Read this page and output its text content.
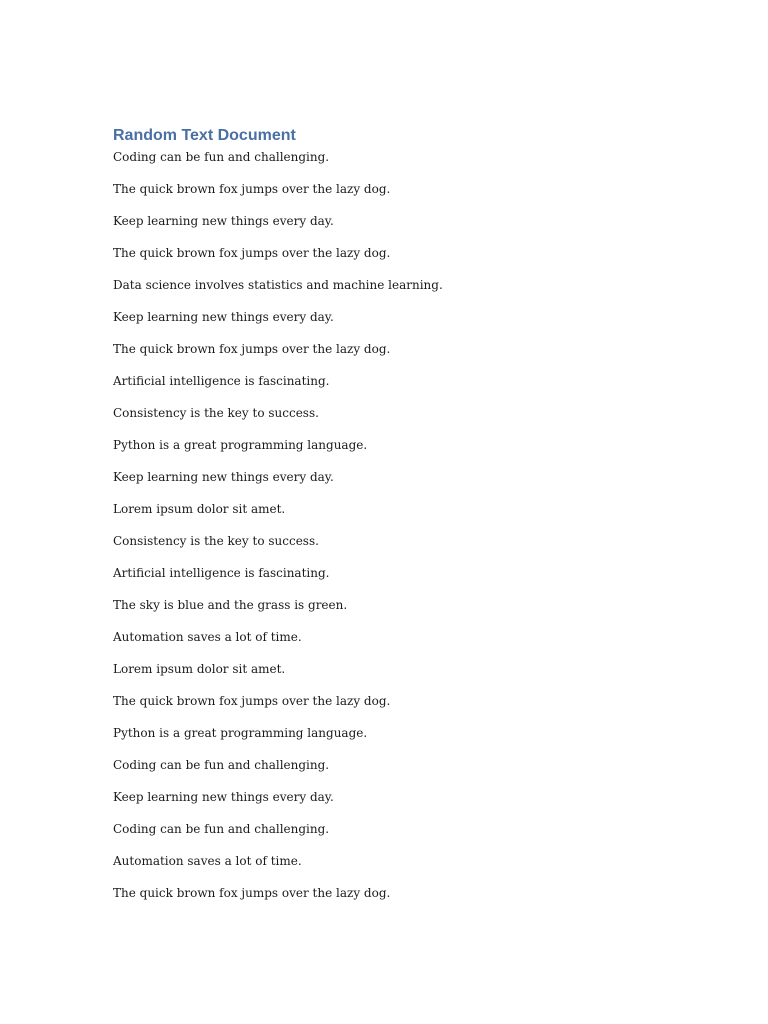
Random Text Document
Coding can be fun and challenging.
The quick brown fox jumps over the lazy dog.
Keep learning new things every day.
The quick brown fox jumps over the lazy dog.
Data science involves statistics and machine learning.
Keep learning new things every day.
The quick brown fox jumps over the lazy dog.
Artificial intelligence is fascinating.
Consistency is the key to success.
Python is a great programming language.
Keep learning new things every day.
Lorem ipsum dolor sit amet.
Consistency is the key to success.
Artificial intelligence is fascinating.
The sky is blue and the grass is green.
Automation saves a lot of time.
Lorem ipsum dolor sit amet.
The quick brown fox jumps over the lazy dog.
Python is a great programming language.
Coding can be fun and challenging.
Keep learning new things every day.
Coding can be fun and challenging.
Automation saves a lot of time.
The quick brown fox jumps over the lazy dog.
